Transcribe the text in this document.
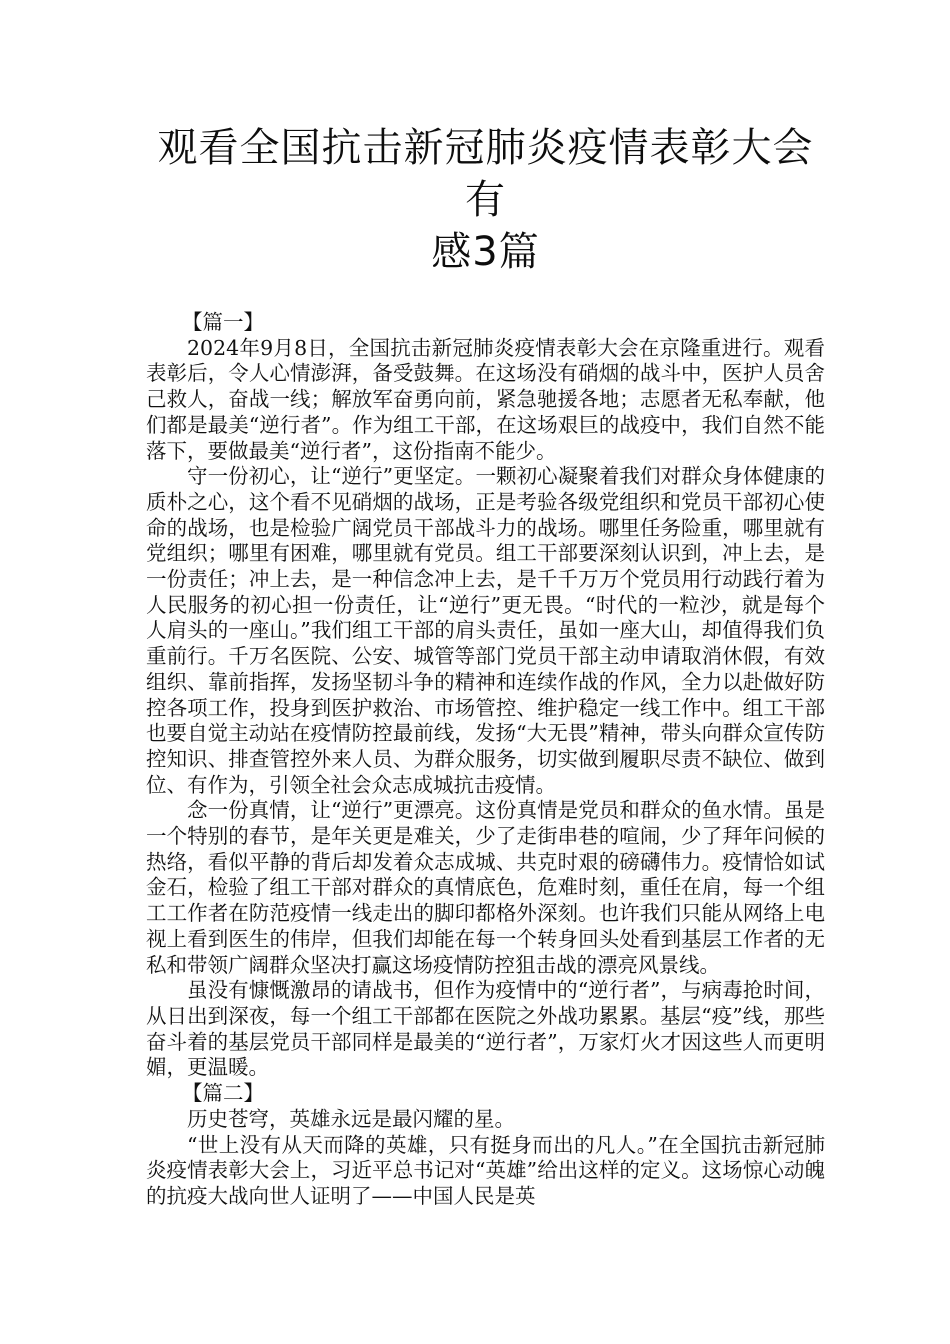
观看全国抗击新冠肺炎疫情表彰大会有
感3篇

【篇一】

2024年9月8日，全国抗击新冠肺炎疫情表彰大会在京隆重进行。观看表彰后，令人心情澎湃，备受鼓舞。在这场没有硝烟的战斗中，医护人员舍己救人，奋战一线；解放军奋勇向前，紧急驰援各地；志愿者无私奉献，他们都是最美“逆行者”。作为组工干部，在这场艰巨的战疫中，我们自然不能落下，要做最美“逆行者”，这份指南不能少。

守一份初心，让“逆行”更坚定。一颗初心凝聚着我们对群众身体健康的质朴之心，这个看不见硝烟的战场，正是考验各级党组织和党员干部初心使命的战场，也是检验广阔党员干部战斗力的战场。哪里任务险重，哪里就有党组织；哪里有困难，哪里就有党员。组工干部要深刻认识到，冲上去，是一份责任；冲上去，是一种信念冲上去，是千千万万个党员用行动践行着为人民服务的初心担一份责任，让“逆行”更无畏。“时代的一粒沙，就是每个人肩头的一座山。”我们组工干部的肩头责任，虽如一座大山，却值得我们负重前行。千万名医院、公安、城管等部门党员干部主动申请取消休假，有效组织、靠前指挥，发扬坚韧斗争的精神和连续作战的作风，全力以赴做好防控各项工作，投身到医护救治、市场管控、维护稳定一线工作中。组工干部也要自觉主动站在疫情防控最前线，发扬“大无畏”精神，带头向群众宣传防控知识、排查管控外来人员、为群众服务，切实做到履职尽责不缺位、做到位、有作为，引领全社会众志成城抗击疫情。

念一份真情，让“逆行”更漂亮。这份真情是党员和群众的鱼水情。虽是一个特别的春节，是年关更是难关，少了走街串巷的喧闹，少了拜年问候的热络，看似平静的背后却发着众志成城、共克时艰的磅礴伟力。疫情恰如试金石，检验了组工干部对群众的真情底色，危难时刻，重任在肩，每一个组工工作者在防范疫情一线走出的脚印都格外深刻。也许我们只能从网络上电视上看到医生的伟岸，但我们却能在每一个转身回头处看到基层工作者的无私和带领广阔群众坚决打赢这场疫情防控狙击战的漂亮风景线。

虽没有慷慨激昂的请战书，但作为疫情中的“逆行者”，与病毒抢时间，从日出到深夜，每一个组工干部都在医院之外战功累累。基层“疫”线，那些奋斗着的基层党员干部同样是最美的“逆行者”，万家灯火才因这些人而更明媚，更温暖。

【篇二】

历史苍穹，英雄永远是最闪耀的星。

“世上没有从天而降的英雄，只有挺身而出的凡人。”在全国抗击新冠肺炎疫情表彰大会上，习近平总书记对“英雄”给出这样的定义。这场惊心动魄的抗疫大战向世人证明了——中国人民是英
